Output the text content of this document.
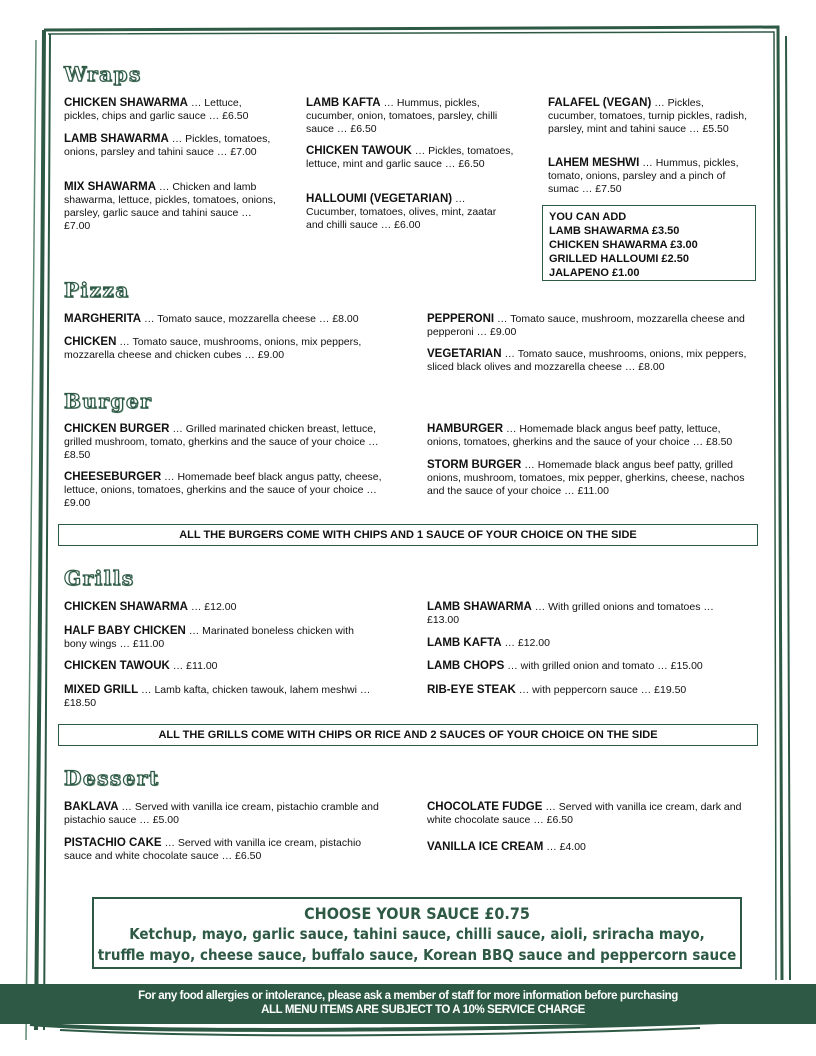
Wraps

CHICKEN SHAWARMA … Lettuce, pickles, chips and garlic sauce … £6.50

LAMB SHAWARMA … Pickles, tomatoes, onions, parsley and tahini sauce … £7.00

MIX SHAWARMA … Chicken and lamb shawarma, lettuce, pickles, tomatoes, onions, parsley, garlic sauce and tahini sauce … £7.00

LAMB KAFTA … Hummus, pickles, cucumber, onion, tomatoes, parsley, chilli sauce … £6.50

CHICKEN TAWOUK … Pickles, tomatoes, lettuce, mint and garlic sauce … £6.50

HALLOUMI (VEGETARIAN) … Cucumber, tomatoes, olives, mint, zaatar and chilli sauce … £6.00

FALAFEL (VEGAN) … Pickles, cucumber, tomatoes, turnip pickles, radish, parsley, mint and tahini sauce … £5.50

LAHEM MESHWI … Hummus, pickles, tomato, onions, parsley and a pinch of sumac … £7.50

YOU CAN ADD
LAMB SHAWARMA £3.50
CHICKEN SHAWARMA £3.00
GRILLED HALLOUMI £2.50
JALAPENO £1.00
Pizza

MARGHERITA … Tomato sauce, mozzarella cheese … £8.00

CHICKEN … Tomato sauce, mushrooms, onions, mix peppers, mozzarella cheese and chicken cubes … £9.00

PEPPERONI … Tomato sauce, mushroom, mozzarella cheese and pepperoni … £9.00

VEGETARIAN … Tomato sauce, mushrooms, onions, mix peppers, sliced black olives and mozzarella cheese … £8.00

Burger

CHICKEN BURGER … Grilled marinated chicken breast, lettuce, grilled mushroom, tomato, gherkins and the sauce of your choice … £8.50

CHEESEBURGER … Homemade beef black angus patty, cheese, lettuce, onions, tomatoes, gherkins and the sauce of your choice … £9.00

HAMBURGER … Homemade black angus beef patty, lettuce, onions, tomatoes, gherkins and the sauce of your choice … £8.50

STORM BURGER … Homemade black angus beef patty, grilled onions, mushroom, tomatoes, mix pepper, gherkins, cheese, nachos and the sauce of your choice … £11.00

ALL THE BURGERS COME WITH CHIPS AND 1 SAUCE OF YOUR CHOICE ON THE SIDE
Grills

CHICKEN SHAWARMA … £12.00

HALF BABY CHICKEN … Marinated boneless chicken with bony wings … £11.00

CHICKEN TAWOUK … £11.00

MIXED GRILL … Lamb kafta, chicken tawouk, lahem meshwi … £18.50

LAMB SHAWARMA … With grilled onions and tomatoes … £13.00

LAMB KAFTA … £12.00

LAMB CHOPS … with grilled onion and tomato … £15.00

RIB-EYE STEAK … with peppercorn sauce … £19.50

ALL THE GRILLS COME WITH CHIPS OR RICE AND 2 SAUCES OF YOUR CHOICE ON THE SIDE
Dessert

BAKLAVA … Served with vanilla ice cream, pistachio cramble and pistachio sauce … £5.00

PISTACHIO CAKE … Served with vanilla ice cream, pistachio sauce and white chocolate sauce … £6.50

CHOCOLATE FUDGE … Served with vanilla ice cream, dark and white chocolate sauce … £6.50

VANILLA ICE CREAM … £4.00

CHOOSE YOUR SAUCE £0.75
Ketchup, mayo, garlic sauce, tahini sauce, chilli sauce, aioli, sriracha mayo,
truffle mayo, cheese sauce, buffalo sauce, Korean BBQ sauce and peppercorn sauce
For any food allergies or intolerance, please ask a member of staff for more information before purchasing
ALL MENU ITEMS ARE SUBJECT TO A 10% SERVICE CHARGE
